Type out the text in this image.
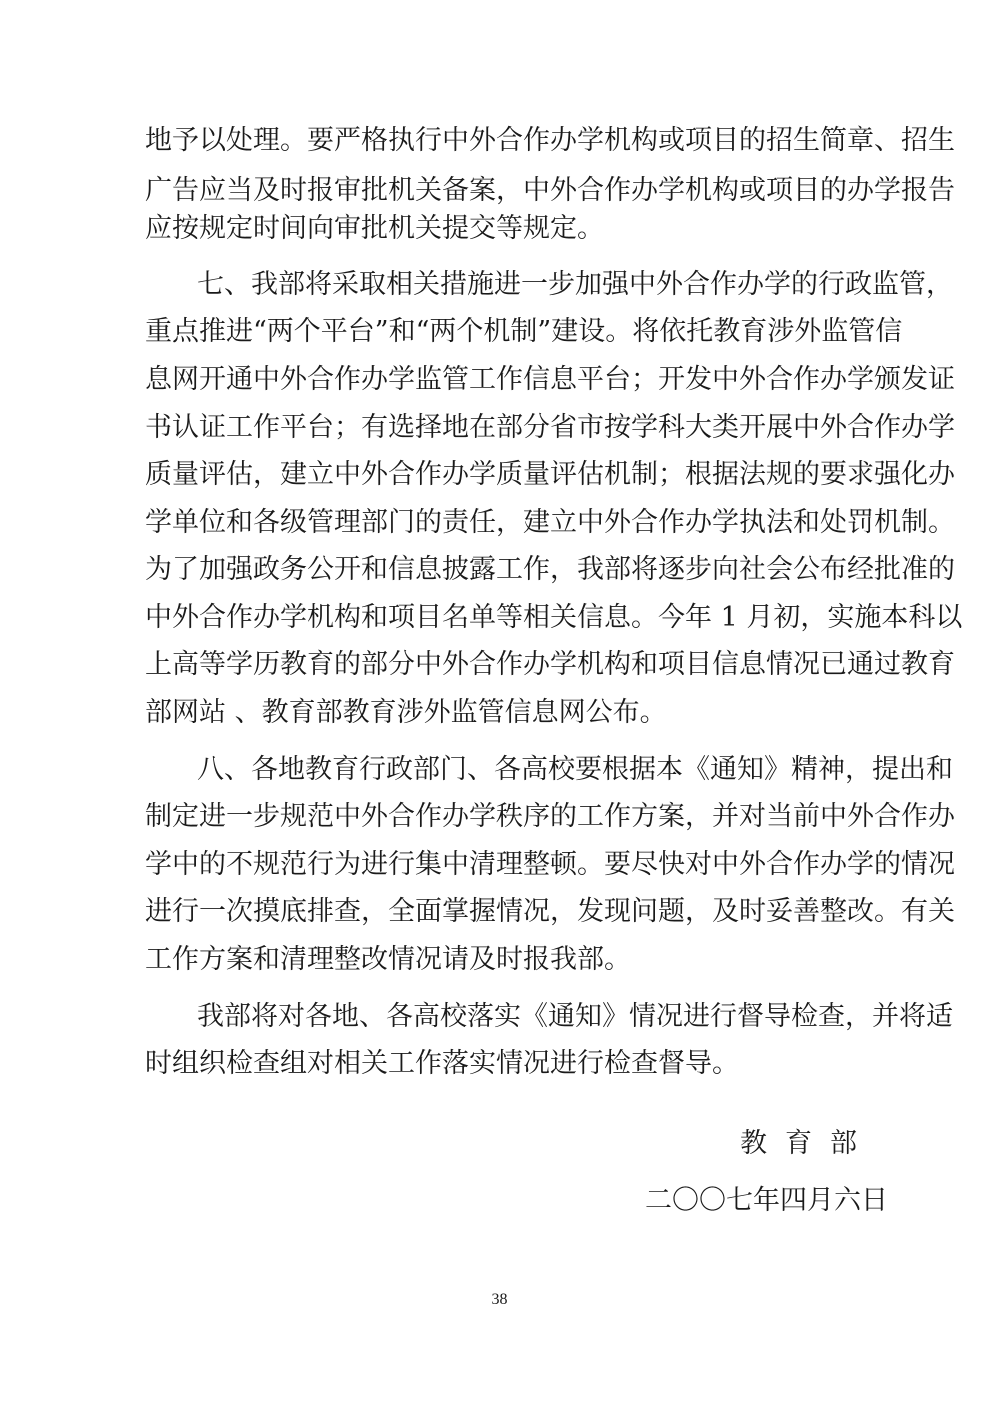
地予以处理。要严格执行中外合作办学机构或项目的招生简章、招生
广告应当及时报审批机关备案，中外合作办学机构或项目的办学报告
应按规定时间向审批机关提交等规定。
七、我部将采取相关措施进一步加强中外合作办学的行政监管，
重点推进“两个平台”和“两个机制”建设。将依托教育涉外监管信
息网开通中外合作办学监管工作信息平台；开发中外合作办学颁发证
书认证工作平台；有选择地在部分省市按学科大类开展中外合作办学
质量评估，建立中外合作办学质量评估机制；根据法规的要求强化办
学单位和各级管理部门的责任，建立中外合作办学执法和处罚机制。
为了加强政务公开和信息披露工作，我部将逐步向社会公布经批准的
中外合作办学机构和项目名单等相关信息。今年 1 月初，实施本科以
上高等学历教育的部分中外合作办学机构和项目信息情况已通过教育
部网站 、教育部教育涉外监管信息网公布。
八、各地教育行政部门、各高校要根据本《通知》精神，提出和
制定进一步规范中外合作办学秩序的工作方案，并对当前中外合作办
学中的不规范行为进行集中清理整顿。要尽快对中外合作办学的情况
进行一次摸底排查，全面掌握情况，发现问题，及时妥善整改。有关
工作方案和清理整改情况请及时报我部。
我部将对各地、各高校落实《通知》情况进行督导检查，并将适
时组织检查组对相关工作落实情况进行检查督导。
教 育 部
二〇〇七年四月六日
38
